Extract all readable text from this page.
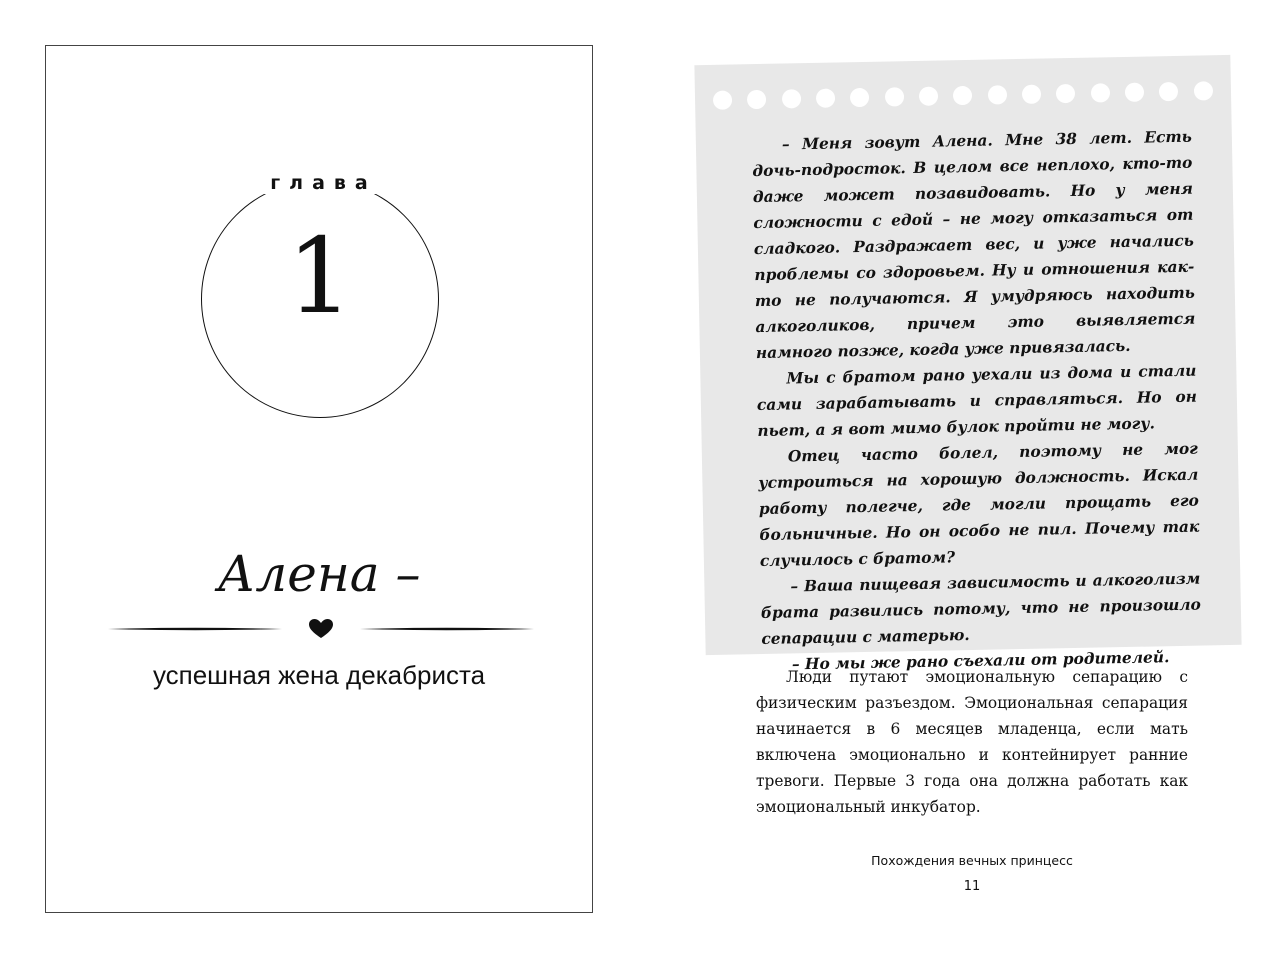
глава
1
Алена –
успешная жена декабриста

– Меня зовут Алена. Мне 38 лет. Есть дочь-подросток. В целом все неплохо, кто-то даже может позавидовать. Но у меня сложности с едой – не могу отказаться от сладкого. Раздражает вес, и уже начались проблемы со здоровьем. Ну и отношения как-то не получаются. Я умудряюсь находить алкоголиков, причем это выявляется намного позже, когда уже привязалась.

Мы с братом рано уехали из дома и стали сами зарабатывать и справляться. Но он пьет, а я вот мимо булок пройти не могу.

Отец часто болел, поэтому не мог устроиться на хорошую должность. Искал работу полегче, где могли прощать его больничные. Но он особо не пил. Почему так случилось с братом?

– Ваша пищевая зависимость и алкоголизм брата развились потому, что не произошло сепарации с матерью.

– Но мы же рано съехали от родителей.

Люди путают эмоциональную сепарацию с физическим разъездом. Эмоциональная сепарация начинается в 6 месяцев младенца, если мать включена эмоционально и контейнирует ранние тревоги. Первые 3 года она должна работать как эмоциональный инкубатор.

Похождения вечных принцесс
11
